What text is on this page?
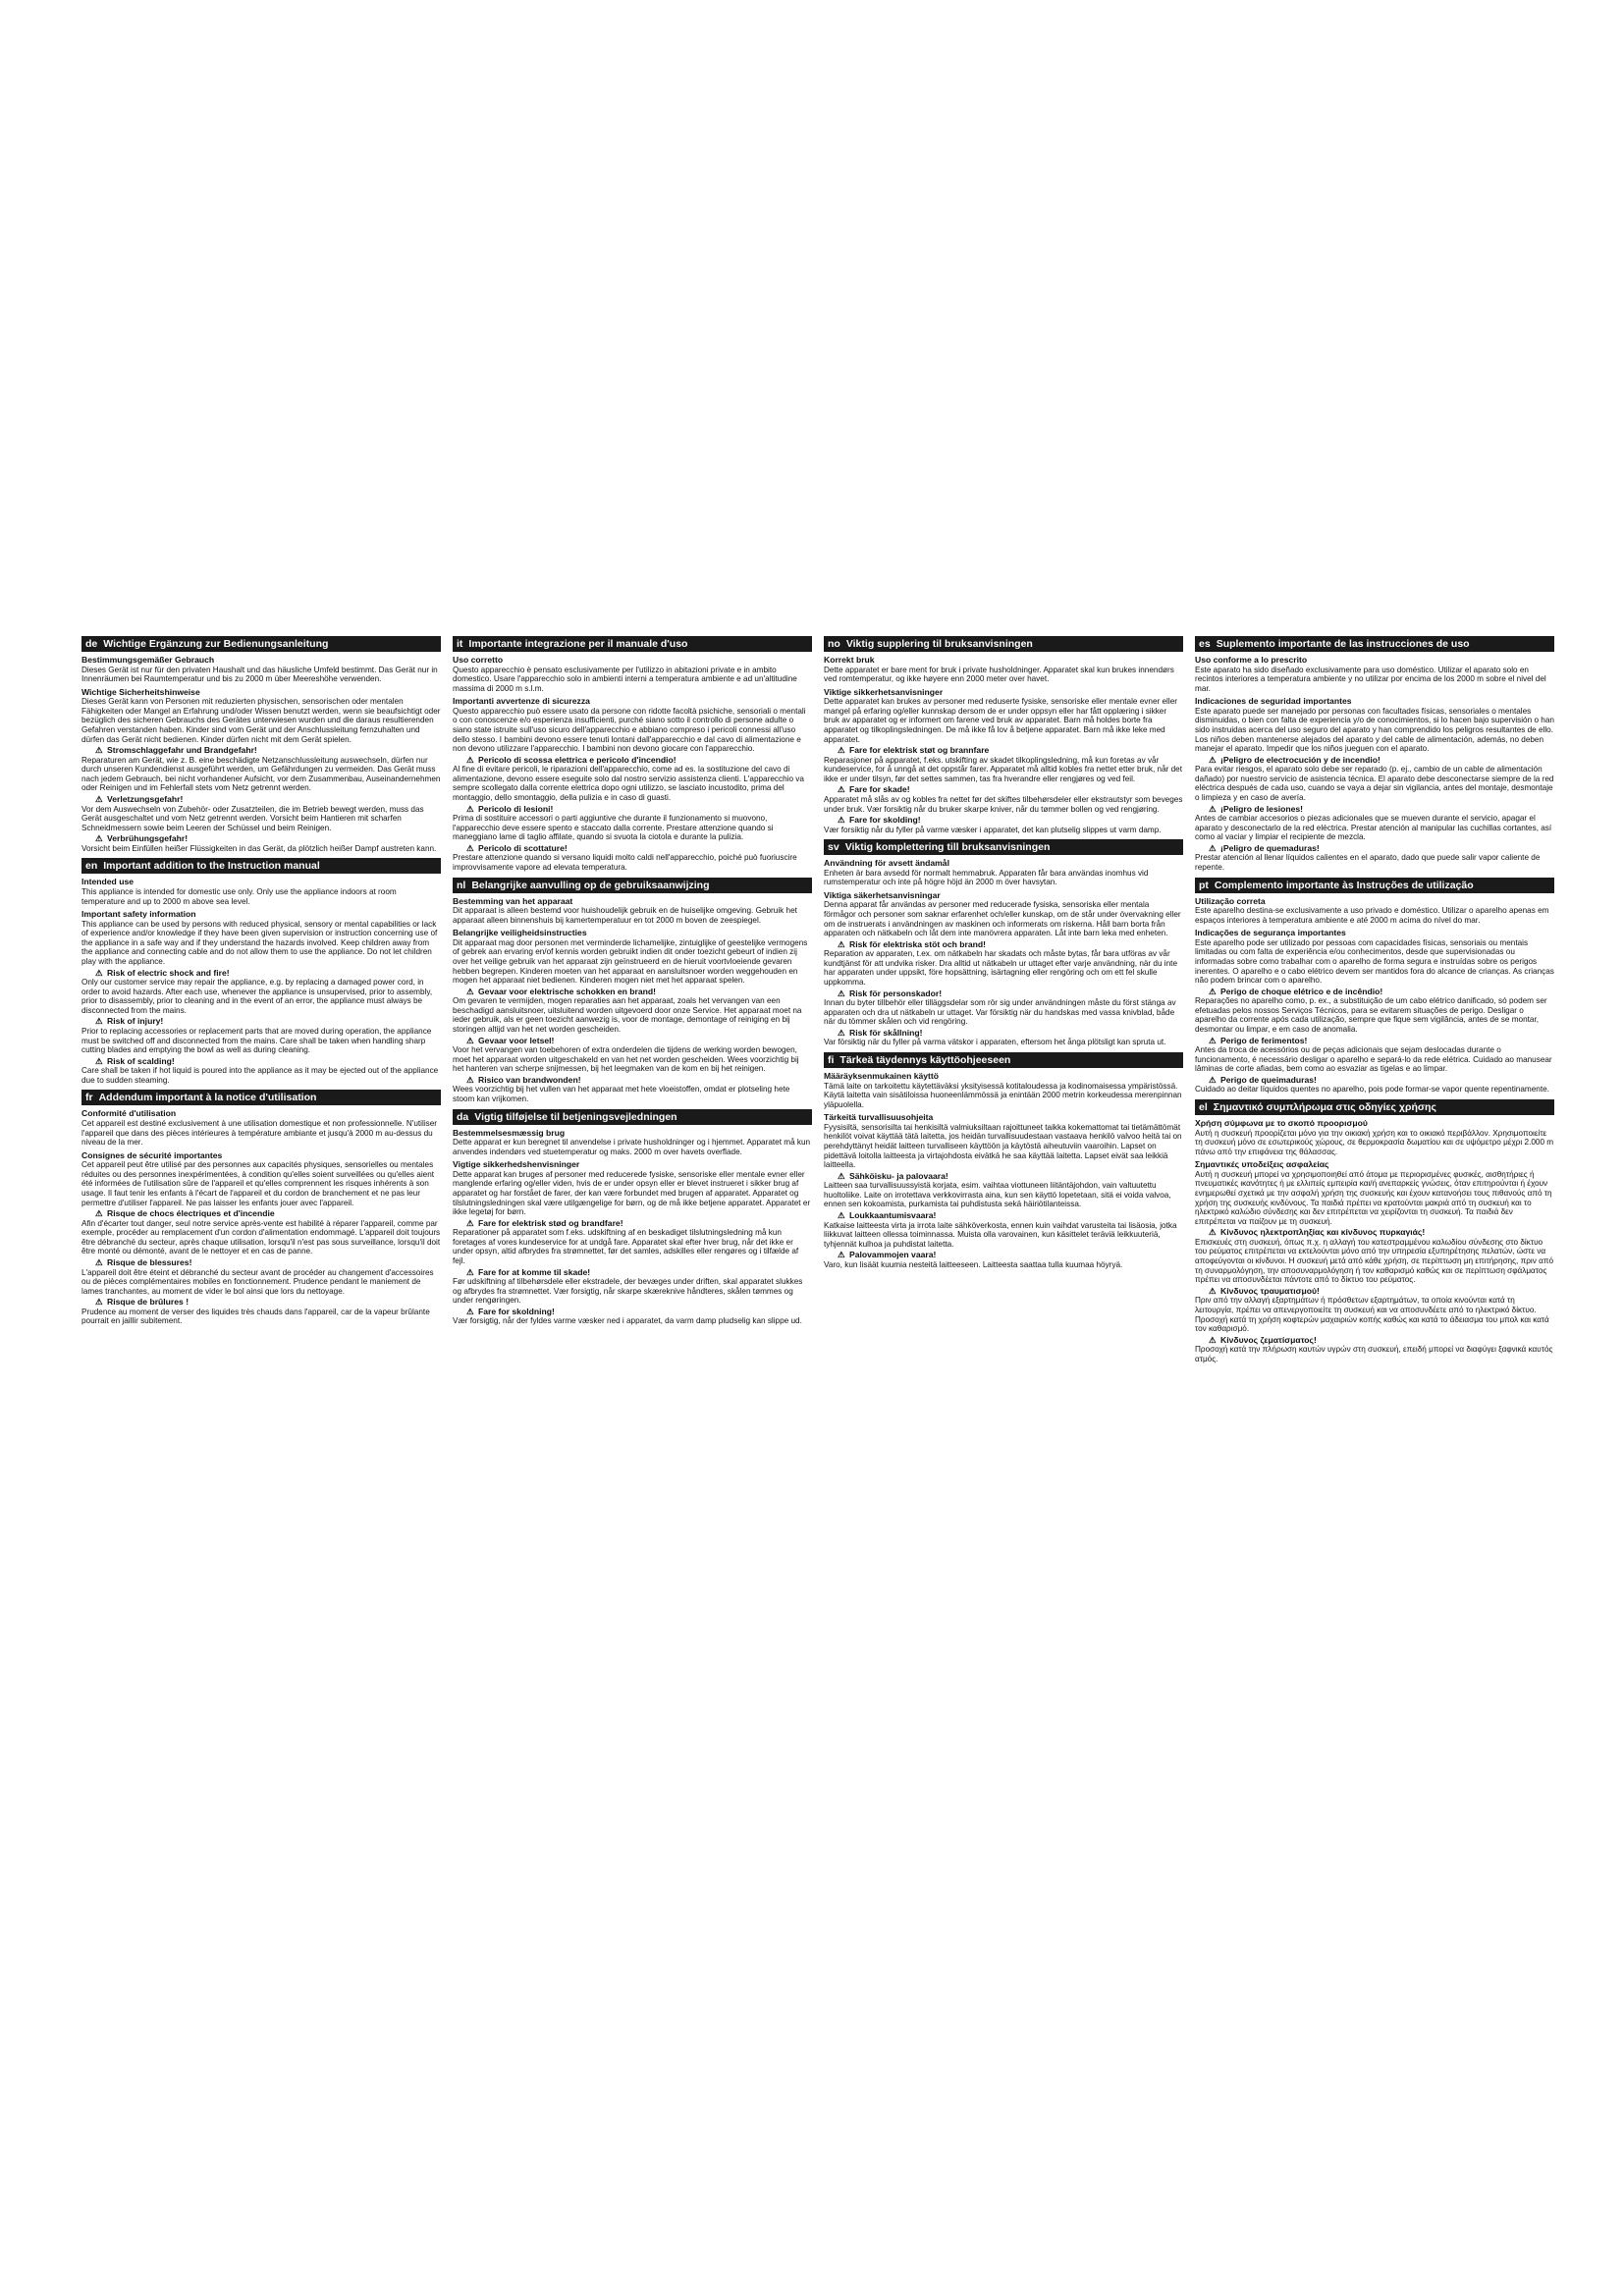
de Wichtige Ergänzung zur Bedienungsanleitung

Bestimmungsgemäßer Gebrauch

Dieses Gerät ist nur für den privaten Haushalt und das häusliche Umfeld bestimmt. Das Gerät nur in Innenräumen bei Raumtemperatur und bis zu 2000 m über Meereshöhe verwenden.

Wichtige Sicherheitshinweise

Dieses Gerät kann von Personen mit reduzierten physischen, sensorischen oder mentalen Fähigkeiten oder Mangel an Erfahrung und/oder Wissen benutzt werden, wenn sie beaufsichtigt oder bezüglich des sicheren Gebrauchs des Gerätes unterwiesen wurden und die daraus resultierenden Gefahren verstanden haben. Kinder sind vom Gerät und der Anschlussleitung fernzuhalten und dürfen das Gerät nicht bedienen. Kinder dürfen nicht mit dem Gerät spielen.

⚠ Stromschlaggefahr und Brandgefahr!

Reparaturen am Gerät, wie z. B. eine beschädigte Netzanschlussleitung auswechseln, dürfen nur durch unseren Kundendienst ausgeführt werden, um Gefährdungen zu vermeiden. Das Gerät muss nach jedem Gebrauch, bei nicht vorhandener Aufsicht, vor dem Zusammenbau, Auseinandernehmen oder Reinigen und im Fehlerfall stets vom Netz getrennt werden.

⚠ Verletzungsgefahr!

Vor dem Auswechseln von Zubehör- oder Zusatzteilen, die im Betrieb bewegt werden, muss das Gerät ausgeschaltet und vom Netz getrennt werden. Vorsicht beim Hantieren mit scharfen Schneidmessern sowie beim Leeren der Schüssel und beim Reinigen.

⚠ Verbrühungsgefahr!

Vorsicht beim Einfüllen heißer Flüssigkeiten in das Gerät, da plötzlich heißer Dampf austreten kann.

en Important addition to the Instruction manual

Intended use

This appliance is intended for domestic use only. Only use the appliance indoors at room temperature and up to 2000 m above sea level.

Important safety information

This appliance can be used by persons with reduced physical, sensory or mental capabilities or lack of experience and/or knowledge if they have been given supervision or instruction concerning use of the appliance in a safe way and if they understand the hazards involved. Keep children away from the appliance and connecting cable and do not allow them to use the appliance. Do not let children play with the appliance.

⚠ Risk of electric shock and fire!

Only our customer service may repair the appliance, e.g. by replacing a damaged power cord, in order to avoid hazards. After each use, whenever the appliance is unsupervised, prior to assembly, prior to disassembly, prior to cleaning and in the event of an error, the appliance must always be disconnected from the mains.

⚠ Risk of injury!

Prior to replacing accessories or replacement parts that are moved during operation, the appliance must be switched off and disconnected from the mains. Care shall be taken when handling sharp cutting blades and emptying the bowl as well as during cleaning.

⚠ Risk of scalding!

Care shall be taken if hot liquid is poured into the appliance as it may be ejected out of the appliance due to sudden steaming.

fr Addendum important à la notice d'utilisation

Conformité d'utilisation

Cet appareil est destiné exclusivement à une utilisation domestique et non professionnelle. N'utiliser l'appareil que dans des pièces intérieures à température ambiante et jusqu'à 2000 m au-dessus du niveau de la mer.

Consignes de sécurité importantes

Cet appareil peut être utilisé par des personnes aux capacités physiques, sensorielles ou mentales réduites ou des personnes inexpérimentées, à condition qu'elles soient surveillées ou qu'elles aient été informées de l'utilisation sûre de l'appareil et qu'elles comprennent les risques inhérents à son usage. Il faut tenir les enfants à l'écart de l'appareil et du cordon de branchement et ne pas leur permettre d'utiliser l'appareil. Ne pas laisser les enfants jouer avec l'appareil.

⚠ Risque de chocs électriques et d'incendie

Afin d'écarter tout danger, seul notre service après-vente est habilité à réparer l'appareil, comme par exemple, procéder au remplacement d'un cordon d'alimentation endommagé. L'appareil doit toujours être débranché du secteur, après chaque utilisation, lorsqu'il n'est pas sous surveillance, lorsqu'il doit être monté ou démonté, avant de le nettoyer et en cas de panne.

⚠ Risque de blessures!

L'appareil doit être éteint et débranché du secteur avant de procéder au changement d'accessoires ou de pièces complémentaires mobiles en fonctionnement. Prudence pendant le maniement de lames tranchantes, au moment de vider le bol ainsi que lors du nettoyage.

⚠ Risque de brûlures !

Prudence au moment de verser des liquides très chauds dans l'appareil, car de la vapeur brûlante pourrait en jaillir subitement.

it Importante integrazione per il manuale d'uso

Uso corretto

Questo apparecchio è pensato esclusivamente per l'utilizzo in abitazioni private e in ambito domestico. Usare l'apparecchio solo in ambienti interni a temperatura ambiente e ad un'altitudine massima di 2000 m s.l.m.

Importanti avvertenze di sicurezza

Questo apparecchio può essere usato da persone con ridotte facoltà psichiche, sensoriali o mentali o con conoscenze e/o esperienza insufficienti, purché siano sotto il controllo di persone adulte o siano state istruite sull'uso sicuro dell'apparecchio e abbiano compreso i pericoli connessi all'uso dello stesso. I bambini devono essere tenuti lontani dall'apparecchio e dal cavo di alimentazione e non devono utilizzare l'apparecchio. I bambini non devono giocare con l'apparecchio.

⚠ Pericolo di scossa elettrica e pericolo d'incendio!

Al fine di evitare pericoli, le riparazioni dell'apparecchio, come ad es. la sostituzione del cavo di alimentazione, devono essere eseguite solo dal nostro servizio assistenza clienti. L'apparecchio va sempre scollegato dalla corrente elettrica dopo ogni utilizzo, se lasciato incustodito, prima del montaggio, dello smontaggio, della pulizia e in caso di guasti.

⚠ Pericolo di lesioni!

Prima di sostituire accessori o parti aggiuntive che durante il funzionamento si muovono, l'apparecchio deve essere spento e staccato dalla corrente. Prestare attenzione quando si maneggiano lame di taglio affilate, quando si svuota la ciotola e durante la pulizia.

⚠ Pericolo di scottature!

Prestare attenzione quando si versano liquidi molto caldi nell'apparecchio, poiché può fuoriuscire improvvisamente vapore ad elevata temperatura.

nl Belangrijke aanvulling op de gebruiksaanwijzing

Bestemming van het apparaat

Dit apparaat is alleen bestemd voor huishoudelijk gebruik en de huiselijke omgeving. Gebruik het apparaat alleen binnenshuis bij kamertemperatuur en tot 2000 m boven de zeespiegel.

Belangrijke veiligheidsinstructies

Dit apparaat mag door personen met verminderde lichamelijke, zintuiglijke of geestelijke vermogens of gebrek aan ervaring en/of kennis worden gebruikt indien dit onder toezicht gebeurt of indien zij over het veilige gebruik van het apparaat zijn geïnstrueerd en de hieruit voortvloeiende gevaren hebben begrepen. Kinderen moeten van het apparaat en aansluitsnoer worden weggehouden en mogen het apparaat niet bedienen. Kinderen mogen niet met het apparaat spelen.

⚠ Gevaar voor elektrische schokken en brand!

Om gevaren te vermijden, mogen reparaties aan het apparaat, zoals het vervangen van een beschadigd aansluitsnoer, uitsluitend worden uitgevoerd door onze Service. Het apparaat moet na ieder gebruik, als er geen toezicht aanwezig is, voor de montage, demontage of reiniging en bij storingen altijd van het net worden gescheiden.

⚠ Gevaar voor letsel!

Voor het vervangen van toebehoren of extra onderdelen die tijdens de werking worden bewogen, moet het apparaat worden uitgeschakeld en van het net worden gescheiden. Wees voorzichtig bij het hanteren van scherpe snijmessen, bij het leegmaken van de kom en bij het reinigen.

⚠ Risico van brandwonden!

Wees voorzichtig bij het vullen van het apparaat met hete vloeistoffen, omdat er plotseling hete stoom kan vrijkomen.

da Vigtig tilføjelse til betjeningsvejledningen

Bestemmelsesmæssig brug

Dette apparat er kun beregnet til anvendelse i private husholdninger og i hjemmet. Apparatet må kun anvendes indendørs ved stuetemperatur og maks. 2000 m over havets overflade.

Vigtige sikkerhedshenvisninger

Dette apparat kan bruges af personer med reducerede fysiske, sensoriske eller mentale evner eller manglende erfaring og/eller viden, hvis de er under opsyn eller er blevet instrueret i sikker brug af apparatet og har forstået de farer, der kan være forbundet med brugen af apparatet. Apparatet og tilslutningsledningen skal være utilgængelige for børn, og de må ikke betjene apparatet. Apparatet er ikke legetøj for børn.

⚠ Fare for elektrisk stød og brandfare!

Reparationer på apparatet som f.eks. udskiftning af en beskadiget tilslutningsledning må kun foretages af vores kundeservice for at undgå fare. Apparatet skal efter hver brug, når det ikke er under opsyn, altid afbrydes fra strømnettet, før det samles, adskilles eller rengøres og i tilfælde af fejl.

⚠ Fare for at komme til skade!

Før udskiftning af tilbehørsdele eller ekstradele, der bevæges under driften, skal apparatet slukkes og afbrydes fra strømnettet. Vær forsigtig, når skarpe skæreknive håndteres, skålen tømmes og under rengøringen.

⚠ Fare for skoldning!

Vær forsigtig, når der fyldes varme væsker ned i apparatet, da varm damp pludselig kan slippe ud.

no Viktig supplering til bruksanvisningen

Korrekt bruk

Dette apparatet er bare ment for bruk i private husholdninger. Apparatet skal kun brukes innendørs ved romtemperatur, og ikke høyere enn 2000 meter over havet.

Viktige sikkerhetsanvisninger

Dette apparatet kan brukes av personer med reduserte fysiske, sensoriske eller mentale evner eller mangel på erfaring og/eller kunnskap dersom de er under oppsyn eller har fått opplæring i sikker bruk av apparatet og er informert om farene ved bruk av apparatet. Barn må holdes borte fra apparatet og tilkoplingsledningen. De må ikke få lov å betjene apparatet. Barn må ikke leke med apparatet.

⚠ Fare for elektrisk støt og brannfare

Reparasjoner på apparatet, f.eks. utskifting av skadet tilkoplingsledning, må kun foretas av vår kundeservice, for å unngå at det oppstår farer. Apparatet må alltid kobles fra nettet etter bruk, når det ikke er under tilsyn, før det settes sammen, tas fra hverandre eller rengjøres og ved feil.

⚠ Fare for skade!

Apparatet må slås av og kobles fra nettet før det skiftes tilbehørsdeler eller ekstrautstyr som beveges under bruk. Vær forsiktig når du bruker skarpe kniver, når du tømmer bollen og ved rengjøring.

⚠ Fare for skolding!

Vær forsiktig når du fyller på varme væsker i apparatet, det kan plutselig slippes ut varm damp.

sv Viktig komplettering till bruksanvisningen

Användning för avsett ändamål

Enheten är bara avsedd för normalt hemmabruk. Apparaten får bara användas inomhus vid rumstemperatur och inte på högre höjd än 2000 m över havsytan.

Viktiga säkerhetsanvisningar

Denna apparat får användas av personer med reducerade fysiska, sensoriska eller mentala förmågor och personer som saknar erfarenhet och/eller kunskap, om de står under övervakning eller om de instruerats i användningen av maskinen och informerats om riskerna. Håll barn borta från apparaten och nätkabeln och låt dem inte manövrera apparaten. Låt inte barn leka med enheten.

⚠ Risk för elektriska stöt och brand!

Reparation av apparaten, t.ex. om nätkabeln har skadats och måste bytas, får bara utföras av vår kundtjänst för att undvika risker. Dra alltid ut nätkabeln ur uttaget efter varje användning, när du inte har apparaten under uppsikt, före hopsättning, isärtagning eller rengöring och om ett fel skulle uppkomma.

⚠ Risk för personskador!

Innan du byter tillbehör eller tilläggsdelar som rör sig under användningen måste du först stänga av apparaten och dra ut nätkabeln ur uttaget. Var försiktig när du handskas med vassa knivblad, både när du tömmer skålen och vid rengöring.

⚠ Risk för skållning!

Var försiktig när du fyller på varma vätskor i apparaten, eftersom het ånga plötsligt kan spruta ut.

fi Tärkeä täydennys käyttöohjeeseen

Määräyksenmukainen käyttö

Tämä laite on tarkoitettu käytettäväksi yksityisessä kotitaloudessa ja kodinomaisessa ympäristössä. Käytä laitetta vain sisätiloissa huoneenlämmössä ja enintään 2000 metrin korkeudessa merenpinnan yläpuolella.

Tärkeitä turvallisuusohjeita

Fyysisiltä, sensorisilta tai henkisiltä valmiuksiltaan rajoittuneet taikka kokemattomat tai tietämättömät henkilöt voivat käyttää tätä laitetta, jos heidän turvallisuudestaan vastaava henkilö valvoo heitä tai on perehdyttänyt heidät laitteen turvalliseen käyttöön ja käytöstä aiheutuviin vaaroihin. Lapset on pidettävä loitolla laitteesta ja virtajohdosta eivätkä he saa käyttää laitetta. Lapset eivät saa leikkiä laitteella.

⚠ Sähköisku- ja palovaara!

Laitteen saa turvallisuussyistä korjata, esim. vaihtaa viottuneen liitäntäjohdon, vain valtuutettu huoltoliike. Laite on irrotettava verkkovirrasta aina, kun sen käyttö lopetetaan, sitä ei voida valvoa, ennen sen kokoamista, purkamista tai puhdistusta sekä häiriötilanteissa.

⚠ Loukkaantumisvaara!

Katkaise laitteesta virta ja irrota laite sähköverkosta, ennen kuin vaihdat varusteita tai lisäosia, jotka liikkuvat laitteen ollessa toiminnassa. Muista olla varovainen, kun käsittelet teräviä leikkuuteriä, tyhjennät kulhoa ja puhdistat laitetta.

⚠ Palovammojen vaara!

Varo, kun lisäät kuumia nesteitä laitteeseen. Laitteesta saattaa tulla kuumaa höyryä.

es Suplemento importante de las instrucciones de uso

Uso conforme a lo prescrito

Este aparato ha sido diseñado exclusivamente para uso doméstico. Utilizar el aparato solo en recintos interiores a temperatura ambiente y no utilizar por encima de los 2000 m sobre el nivel del mar.

Indicaciones de seguridad importantes

Este aparato puede ser manejado por personas con facultades físicas, sensoriales o mentales disminuidas, o bien con falta de experiencia y/o de conocimientos, si lo hacen bajo supervisión o han sido instruidas acerca del uso seguro del aparato y han comprendido los peligros resultantes de ello. Los niños deben mantenerse alejados del aparato y del cable de alimentación, además, no deben manejar el aparato. Impedir que los niños jueguen con el aparato.

⚠ ¡Peligro de electrocución y de incendio!

Para evitar riesgos, el aparato solo debe ser reparado (p. ej., cambio de un cable de alimentación dañado) por nuestro servicio de asistencia técnica. El aparato debe desconectarse siempre de la red eléctrica después de cada uso, cuando se vaya a dejar sin vigilancia, antes del montaje, desmontaje o limpieza y en caso de avería.

⚠ ¡Peligro de lesiones!

Antes de cambiar accesorios o piezas adicionales que se mueven durante el servicio, apagar el aparato y desconectarlo de la red eléctrica. Prestar atención al manipular las cuchillas cortantes, así como al vaciar y limpiar el recipiente de mezcla.

⚠ ¡Peligro de quemaduras!

Prestar atención al llenar líquidos calientes en el aparato, dado que puede salir vapor caliente de repente.

pt Complemento importante às Instruções de utilização

Utilização correta

Este aparelho destina-se exclusivamente a uso privado e doméstico. Utilizar o aparelho apenas em espaços interiores à temperatura ambiente e até 2000 m acima do nível do mar.

Indicações de segurança importantes

Este aparelho pode ser utilizado por pessoas com capacidades físicas, sensoriais ou mentais limitadas ou com falta de experiência e/ou conhecimentos, desde que supervisionadas ou informadas sobre como trabalhar com o aparelho de forma segura e instruídas sobre os perigos inerentes. O aparelho e o cabo elétrico devem ser mantidos fora do alcance de crianças. As crianças não podem brincar com o aparelho.

⚠ Perigo de choque elétrico e de incêndio!

Reparações no aparelho como, p. ex., a substituição de um cabo elétrico danificado, só podem ser efetuadas pelos nossos Serviços Técnicos, para se evitarem situações de perigo. Desligar o aparelho da corrente após cada utilização, sempre que fique sem vigilância, antes de se montar, desmontar ou limpar, e em caso de anomalia.

⚠ Perigo de ferimentos!

Antes da troca de acessórios ou de peças adicionais que sejam deslocadas durante o funcionamento, é necessário desligar o aparelho e separá-lo da rede elétrica. Cuidado ao manusear lâminas de corte afiadas, bem como ao esvaziar as tigelas e ao limpar.

⚠ Perigo de queimaduras!

Cuidado ao deitar líquidos quentes no aparelho, pois pode formar-se vapor quente repentinamente.

el Σημαντικό συμπλήρωμα στις οδηγίες χρήσης

Χρήση σύμφωνα με το σκοπό προορισμού

Αυτή η συσκευή προορίζεται μόνο για την οικιακή χρήση και το οικιακό περιβάλλον. Χρησιμοποιείτε τη συσκευή μόνο σε εσωτερικούς χώρους, σε θερμοκρασία δωματίου και σε υψόμετρο μέχρι 2.000 m πάνω από την επιφάνεια της θάλασσας.

Σημαντικές υποδείξεις ασφαλείας

Αυτή η συσκευή μπορεί να χρησιμοποιηθεί από άτομα με περιορισμένες φυσικές, αισθητήριες ή πνευματικές ικανότητες ή με ελλιπείς εμπειρία και/ή ανεπαρκείς γνώσεις, όταν επιτηρούνται ή έχουν ενημερωθεί σχετικά με την ασφαλή χρήση της συσκευής και έχουν κατανοήσει τους πιθανούς από τη χρήση της συσκευής κινδύνους. Τα παιδιά πρέπει να κρατούνται μακριά από τη συσκευή και το ηλεκτρικό καλώδιο σύνδεσης και δεν επιτρέπεται να χειρίζονται τη συσκευή. Τα παιδιά δεν επιτρέπεται να παίζουν με τη συσκευή.

⚠ Κίνδυνος ηλεκτροπληξίας και κίνδυνος πυρκαγιάς!

Επισκευές στη συσκευή, όπως π.χ. η αλλαγή του κατεστραμμένου καλωδίου σύνδεσης στο δίκτυο του ρεύματος επιτρέπεται να εκτελούνται μόνο από την υπηρεσία εξυπηρέτησης πελατών, ώστε να αποφεύγονται οι κίνδυνοι. Η συσκευή μετά από κάθε χρήση, σε περίπτωση μη επιτήρησης, πριν από τη συναρμολόγηση, την αποσυναρμολόγηση ή τον καθαρισμό καθώς και σε περίπτωση σφάλματος πρέπει να αποσυνδέεται πάντοτε από το δίκτυο του ρεύματος.

⚠ Κίνδυνος τραυματισμού!

Πριν από την αλλαγή εξαρτημάτων ή πρόσθετων εξαρτημάτων, τα οποία κινούνται κατά τη λειτουργία, πρέπει να απενεργοποιείτε τη συσκευή και να αποσυνδέετε από το ηλεκτρικό δίκτυο. Προσοχή κατά τη χρήση κοφτερών μαχαιριών κοπής καθώς και κατά το άδειασμα του μπολ και κατά τον καθαρισμό.

⚠ Κίνδυνος ζεματίσματος!

Προσοχή κατά την πλήρωση καυτών υγρών στη συσκευή, επειδή μπορεί να διαφύγει ξαφνικά καυτός ατμός.
